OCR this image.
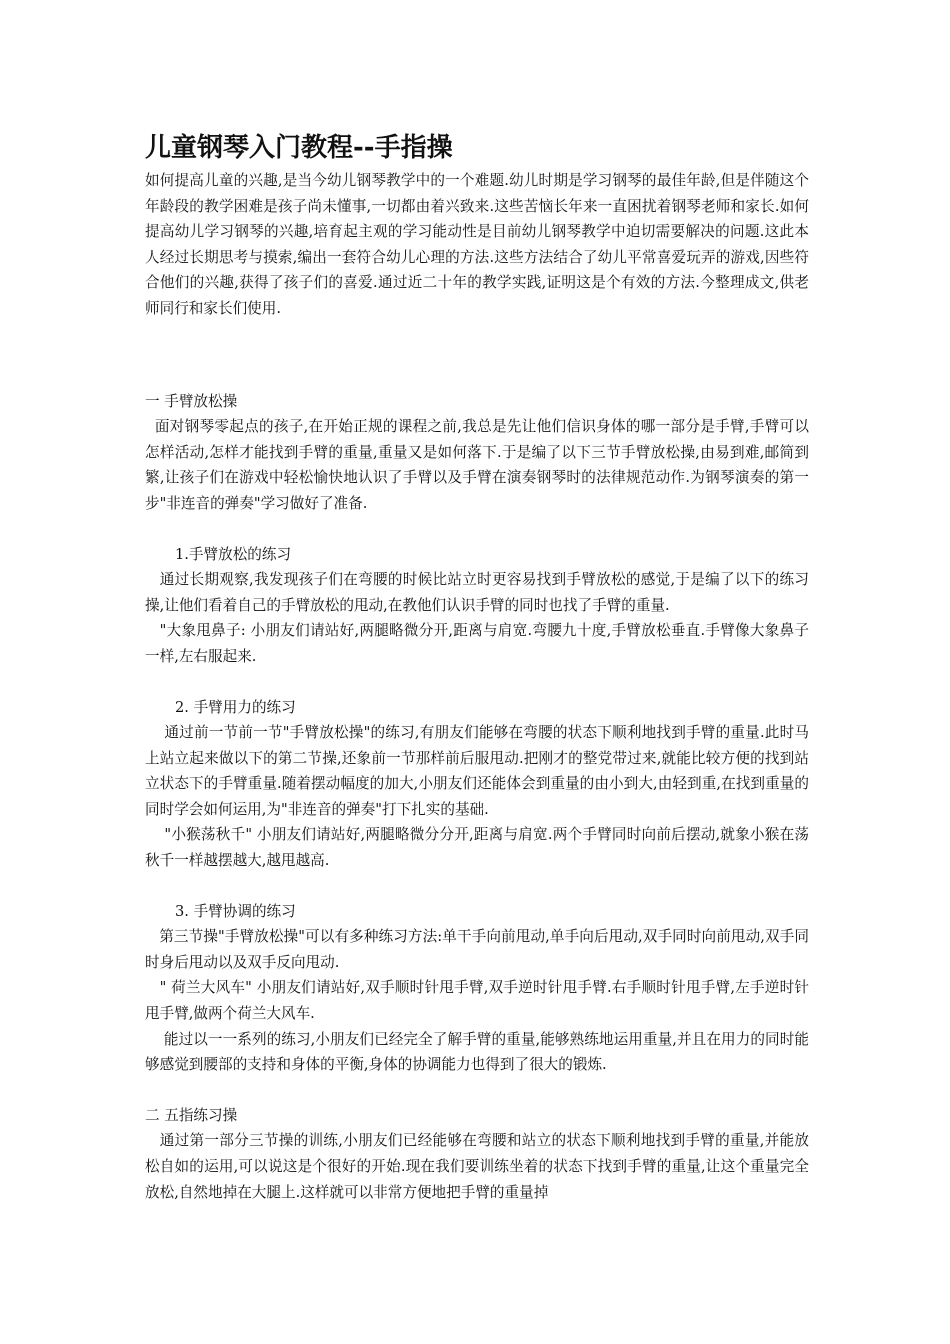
儿童钢琴入门教程--手指操

如何提高儿童的兴趣,是当今幼儿钢琴教学中的一个难题.幼儿时期是学习钢琴的最佳年龄,但是伴随这个年龄段的教学困难是孩子尚未懂事,一切都由着兴致来.这些苦恼长年来一直困扰着钢琴老师和家长.如何提高幼儿学习钢琴的兴趣,培育起主观的学习能动性是目前幼儿钢琴教学中迫切需要解决的问题.这此本人经过长期思考与摸索,编出一套符合幼儿心理的方法.这些方法结合了幼儿平常喜爱玩弄的游戏,因些符合他们的兴趣,获得了孩子们的喜爱.通过近二十年的教学实践,证明这是个有效的方法.今整理成文,供老师同行和家长们使用.

一 手臂放松操

面对钢琴零起点的孩子,在开始正规的课程之前,我总是先让他们信识身体的哪一部分是手臂,手臂可以怎样活动,怎样才能找到手臂的重量,重量又是如何落下.于是编了以下三节手臂放松操,由易到难,邮简到繁,让孩子们在游戏中轻松愉快地认识了手臂以及手臂在演奏钢琴时的法律规范动作.为钢琴演奏的第一步"非连音的弹奏"学习做好了准备.

1.手臂放松的练习

通过长期观察,我发现孩子们在弯腰的时候比站立时更容易找到手臂放松的感觉,于是编了以下的练习操,让他们看着自己的手臂放松的甩动,在教他们认识手臂的同时也找了手臂的重量.

"大象甩鼻子: 小朋友们请站好,两腿略微分开,距离与肩宽.弯腰九十度,手臂放松垂直.手臂像大象鼻子一样,左右服起来.

2. 手臂用力的练习

通过前一节前一节"手臂放松操"的练习,有朋友们能够在弯腰的状态下顺利地找到手臂的重量.此时马上站立起来做以下的第二节操,还象前一节那样前后服甩动.把刚才的整党带过来,就能比较方便的找到站立状态下的手臂重量.随着摆动幅度的加大,小朋友们还能体会到重量的由小到大,由轻到重,在找到重量的同时学会如何运用,为"非连音的弹奏"打下扎实的基础.

"小猴荡秋千" 小朋友们请站好,两腿略微分分开,距离与肩宽.两个手臂同时向前后摆动,就象小猴在荡秋千一样越摆越大,越甩越高.

3. 手臂协调的练习

第三节操"手臂放松操"可以有多种练习方法:单干手向前甩动,单手向后甩动,双手同时向前甩动,双手同时身后甩动以及双手反向甩动.

" 荷兰大风车" 小朋友们请站好,双手顺时针甩手臂,双手逆时针甩手臂.右手顺时针甩手臂,左手逆时针甩手臂,做两个荷兰大风车.

能过以一一系列的练习,小朋友们已经完全了解手臂的重量,能够熟练地运用重量,并且在用力的同时能够感觉到腰部的支持和身体的平衡,身体的协调能力也得到了很大的锻炼.

二 五指练习操

通过第一部分三节操的训练,小朋友们已经能够在弯腰和站立的状态下顺利地找到手臂的重量,并能放松自如的运用,可以说这是个很好的开始.现在我们要训练坐着的状态下找到手臂的重量,让这个重量完全放松,自然地掉在大腿上.这样就可以非常方便地把手臂的重量掉
